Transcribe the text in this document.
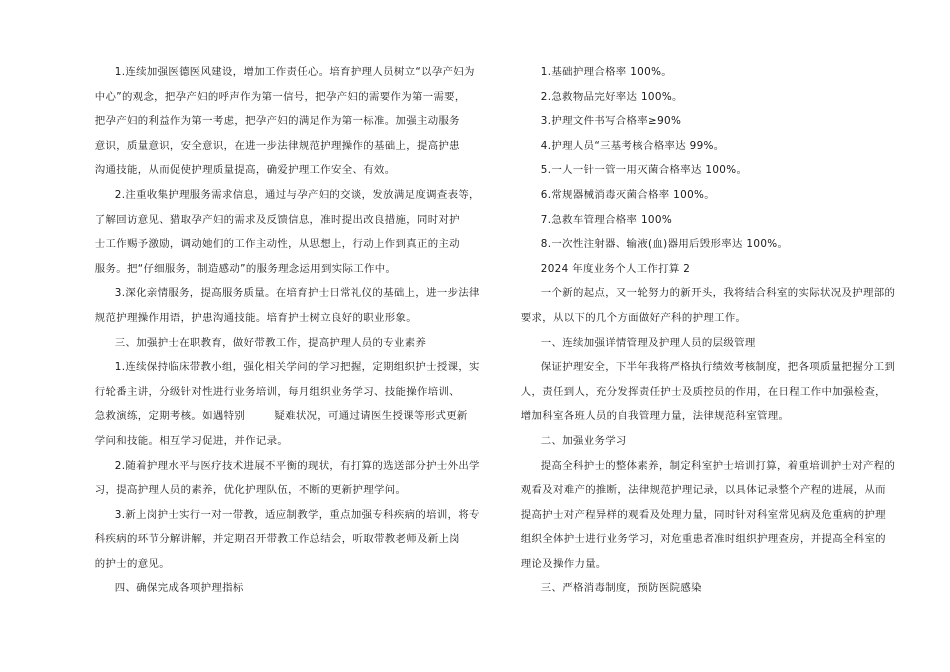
1.连续加强医德医风建设，增加工作责任心。培育护理人员树立“以孕产妇为
中心”的观念，把孕产妇的呼声作为第一信号，把孕产妇的需要作为第一需要，
把孕产妇的利益作为第一考虑，把孕产妇的满足作为第一标准。加强主动服务
意识，质量意识，安全意识，在进一步法律规范护理操作的基础上，提高护患
沟通技能，从而促使护理质量提高，确爱护理工作安全、有效。

2.注重收集护理服务需求信息，通过与孕产妇的交谈，发放满足度调查表等，
了解回访意见、猎取孕产妇的需求及反馈信息，准时提出改良措施，同时对护
士工作赐予激励，调动她们的工作主动性，从思想上，行动上作到真正的主动
服务。把“仔细服务，制造感动”的服务理念运用到实际工作中。

3.深化亲情服务，提高服务质量。在培育护士日常礼仪的基础上，进一步法律
规范护理操作用语，护患沟通技能。培育护士树立良好的职业形象。

三、加强护士在职教育，做好带教工作，提高护理人员的专业素养

1.连续保持临床带教小组，强化相关学问的学习把握，定期组织护士授课，实
行轮番主讲，分级针对性进行业务培训，每月组织业务学习、技能操作培训、
急救演练，定期考核。如遇特别        疑难状况，可通过请医生授课等形式更新
学问和技能。相互学习促进，并作记录。

2.随着护理水平与医疗技术进展不平衡的现状，有打算的选送部分护士外出学
习，提高护理人员的素养，优化护理队伍，不断的更新护理学问。

3.新上岗护士实行一对一带教，适应制教学，重点加强专科疾病的培训，将专
科疾病的环节分解讲解，并定期召开带教工作总结会，听取带教老师及新上岗
的护士的意见。

四、确保完成各项护理指标

1.基础护理合格率 100%。

2.急救物品完好率达 100%。

3.护理文件书写合格率≥90%

4.护理人员“三基考核合格率达 99%。

5.一人一针一管一用灭菌合格率达 100%。

6.常规器械消毒灭菌合格率 100%。

7.急救车管理合格率 100%

8.一次性注射器、输液(血)器用后毁形率达 100%。

2024 年度业务个人工作打算 2

一个新的起点，又一轮努力的新开头，我将结合科室的实际状况及护理部的
要求，从以下的几个方面做好产科的护理工作。

一、连续加强详情管理及护理人员的层级管理

保证护理安全，下半年我将严格执行绩效考核制度，把各项质量把握分工到
人，责任到人，充分发挥责任护士及质控员的作用，在日程工作中加强检查，
增加科室各班人员的自我管理力量，法律规范科室管理。

二、加强业务学习

提高全科护士的整体素养，制定科室护士培训打算，着重培训护士对产程的
观看及对难产的推断，法律规范护理记录，以具体记录整个产程的进展，从而
提高护士对产程异样的观看及处理力量，同时针对科室常见病及危重病的护理
组织全体护士进行业务学习，对危重患者准时组织护理查房，并提高全科室的
理论及操作力量。

三、严格消毒制度，预防医院感染
